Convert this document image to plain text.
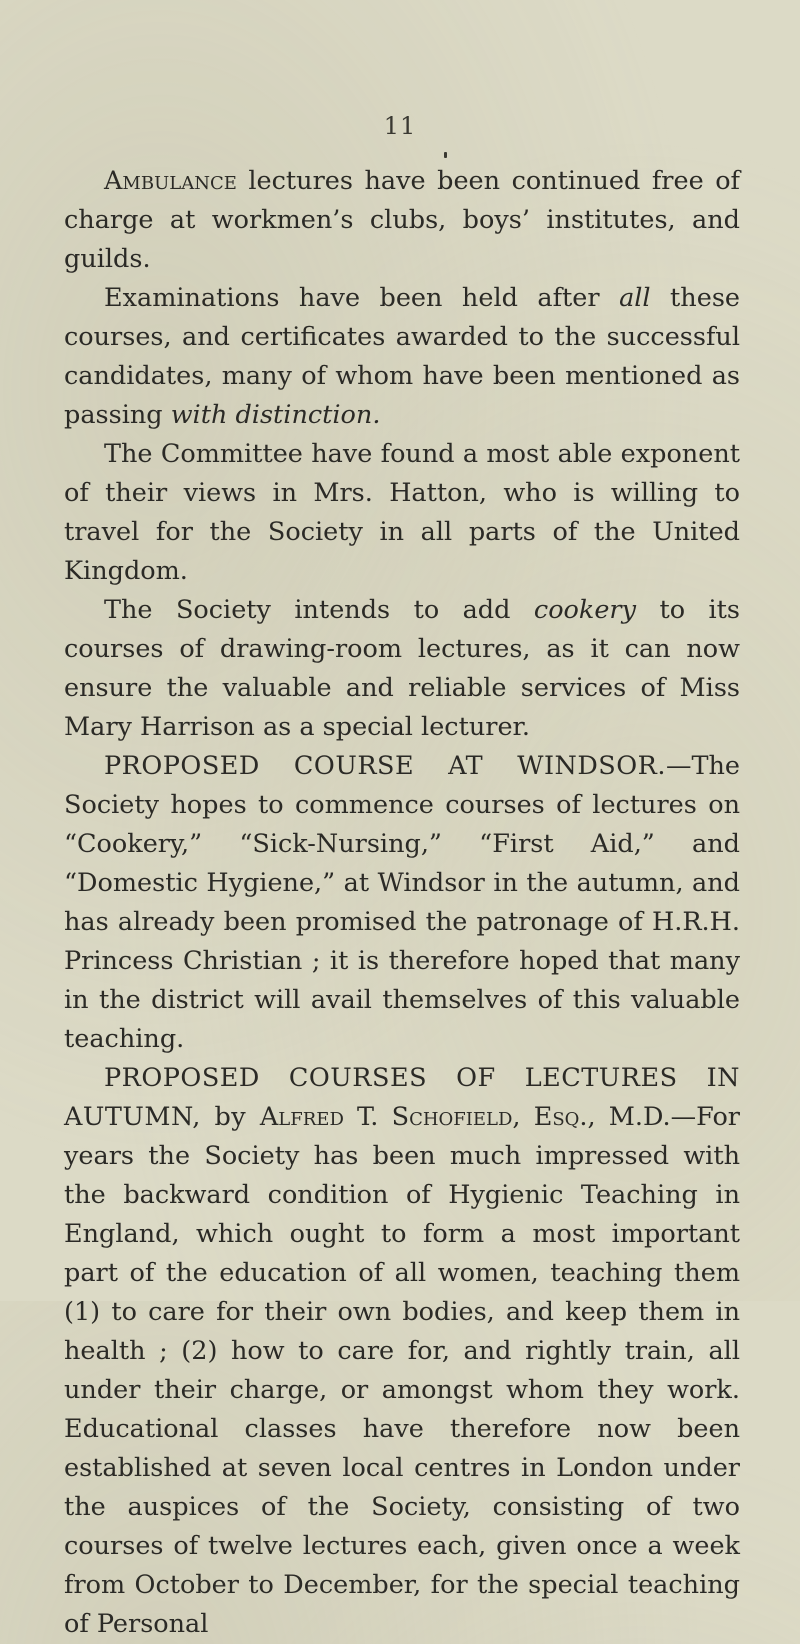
11

Ambulance lectures have been continued free of charge at workmen’s clubs, boys’ institutes, and guilds.

Examinations have been held after all these courses, and certificates awarded to the successful candidates, many of whom have been mentioned as passing with distinction.

The Committee have found a most able exponent of their views in Mrs. Hatton, who is willing to travel for the Society in all parts of the United Kingdom.

The Society intends to add cookery to its courses of drawing-room lectures, as it can now ensure the valuable and reliable services of Miss Mary Harrison as a special lecturer.

PROPOSED COURSE AT WINDSOR.—The Society hopes to commence courses of lectures on “Cookery,” “Sick-Nursing,” “First Aid,” and “Domestic Hygiene,” at Windsor in the autumn, and has already been promised the patronage of H.R.H. Princess Christian ; it is therefore hoped that many in the district will avail themselves of this valuable teaching.

PROPOSED COURSES OF LECTURES IN AUTUMN, by Alfred T. Schofield, Esq., M.D.—For years the Society has been much impressed with the backward condition of Hygienic Teaching in England, which ought to form a most important part of the education of all women, teaching them (1) to care for their own bodies, and keep them in health ; (2) how to care for, and rightly train, all under their charge, or amongst whom they work. Educational classes have therefore now been established at seven local centres in London under the auspices of the Society, consisting of two courses of twelve lectures each, given once a week from October to December, for the special teaching of Personal
